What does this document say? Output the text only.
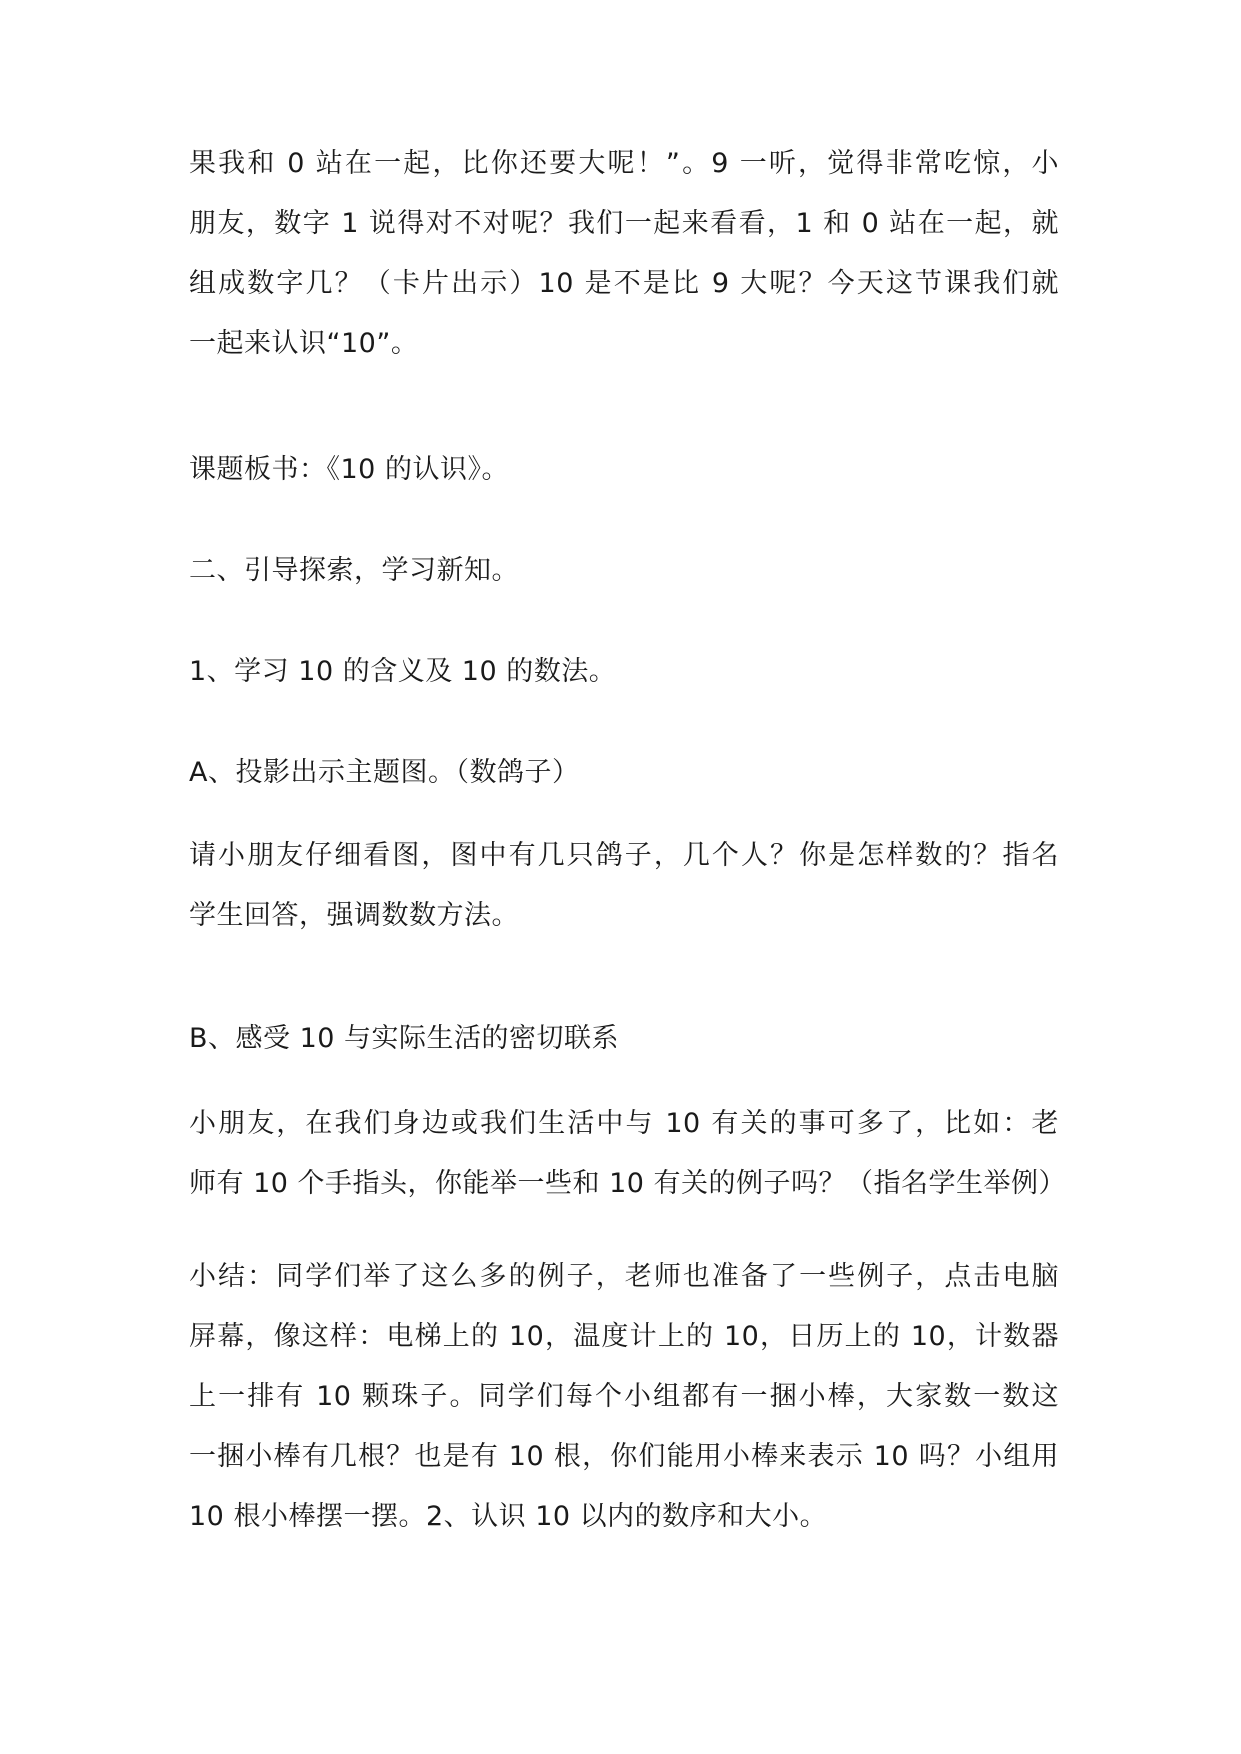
果我和 0 站在一起，比你还要大呢！”。9 一听，觉得非常吃惊，小
朋友，数字 1 说得对不对呢？我们一起来看看，1 和 0 站在一起，就
组成数字几？（卡片出示）10 是不是比 9 大呢？今天这节课我们就
一起来认识“10”。
课题板书：《10 的认识》。
二、引导探索，学习新知。
1、学习 10 的含义及 10 的数法。
A、投影出示主题图。（数鸽子）
请小朋友仔细看图，图中有几只鸽子，几个人？你是怎样数的？指名
学生回答，强调数数方法。
B、感受 10 与实际生活的密切联系
小朋友，在我们身边或我们生活中与 10 有关的事可多了，比如：老
师有 10 个手指头，你能举一些和 10 有关的例子吗？（指名学生举例）
小结：同学们举了这么多的例子，老师也准备了一些例子，点击电脑
屏幕，像这样：电梯上的 10，温度计上的 10，日历上的 10，计数器
上一排有 10 颗珠子。同学们每个小组都有一捆小棒，大家数一数这
一捆小棒有几根？也是有 10 根，你们能用小棒来表示 10 吗？小组用
10 根小棒摆一摆。2、认识 10 以内的数序和大小。
